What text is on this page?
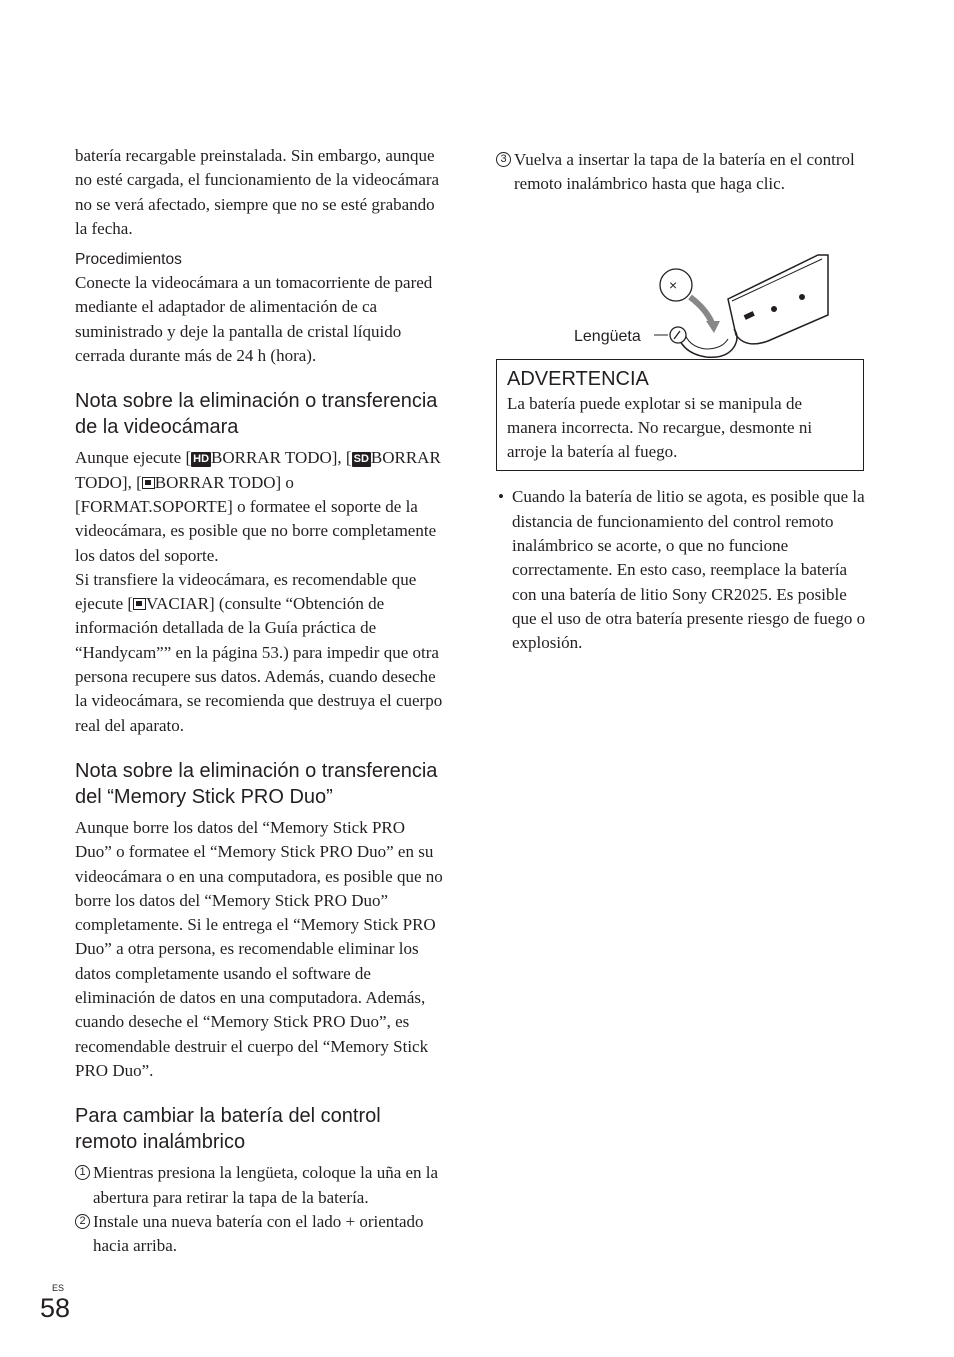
batería recargable preinstalada. Sin embargo, aunque no esté cargada, el funcionamiento de la videocámara no se verá afectado, siempre que no se esté grabando la fecha.

Procedimientos

Conecte la videocámara a un tomacorriente de pared mediante el adaptador de alimentación de ca suministrado y deje la pantalla de cristal líquido cerrada durante más de 24 h (hora).

Nota sobre la eliminación o transferencia de la videocámara

Aunque ejecute [ HD BORRAR TODO], [ SD BORRAR TODO], [ BORRAR TODO] o [FORMAT.SOPORTE] o formatee el soporte de la videocámara, es posible que no borre completamente los datos del soporte.

Si transfiere la videocámara, es recomendable que ejecute [ VACIAR] (consulte “Obtención de información detallada de la Guía práctica de “Handycam”” en la página 53.) para impedir que otra persona recupere sus datos. Además, cuando deseche la videocámara, se recomienda que destruya el cuerpo real del aparato.

Nota sobre la eliminación o transferencia del “Memory Stick PRO Duo”

Aunque borre los datos del “Memory Stick PRO Duo” o formatee el “Memory Stick PRO Duo” en su videocámara o en una computadora, es posible que no borre los datos del “Memory Stick PRO Duo” completamente. Si le entrega el “Memory Stick PRO Duo” a otra persona, es recomendable eliminar los datos completamente usando el software de eliminación de datos en una computadora. Además, cuando deseche el “Memory Stick PRO Duo”, es recomendable destruir el cuerpo del “Memory Stick PRO Duo”.

Para cambiar la batería del control remoto inalámbrico
1 Mientras presiona la lengüeta, coloque la uña en la abertura para retirar la tapa de la batería.
2 Instale una nueva batería con el lado + orientado hacia arriba.
3 Vuelva a insertar la tapa de la batería en el control remoto inalámbrico hasta que haga clic.
×
Lengüeta
ADVERTENCIA

La batería puede explotar si se manipula de manera incorrecta. No recargue, desmonte ni arroje la batería al fuego.

• Cuando la batería de litio se agota, es posible que la distancia de funcionamiento del control remoto inalámbrico se acorte, o que no funcione correctamente. En esto caso, reemplace la batería con una batería de litio Sony CR2025. Es posible que el uso de otra batería presente riesgo de fuego o explosión.
ES
58
